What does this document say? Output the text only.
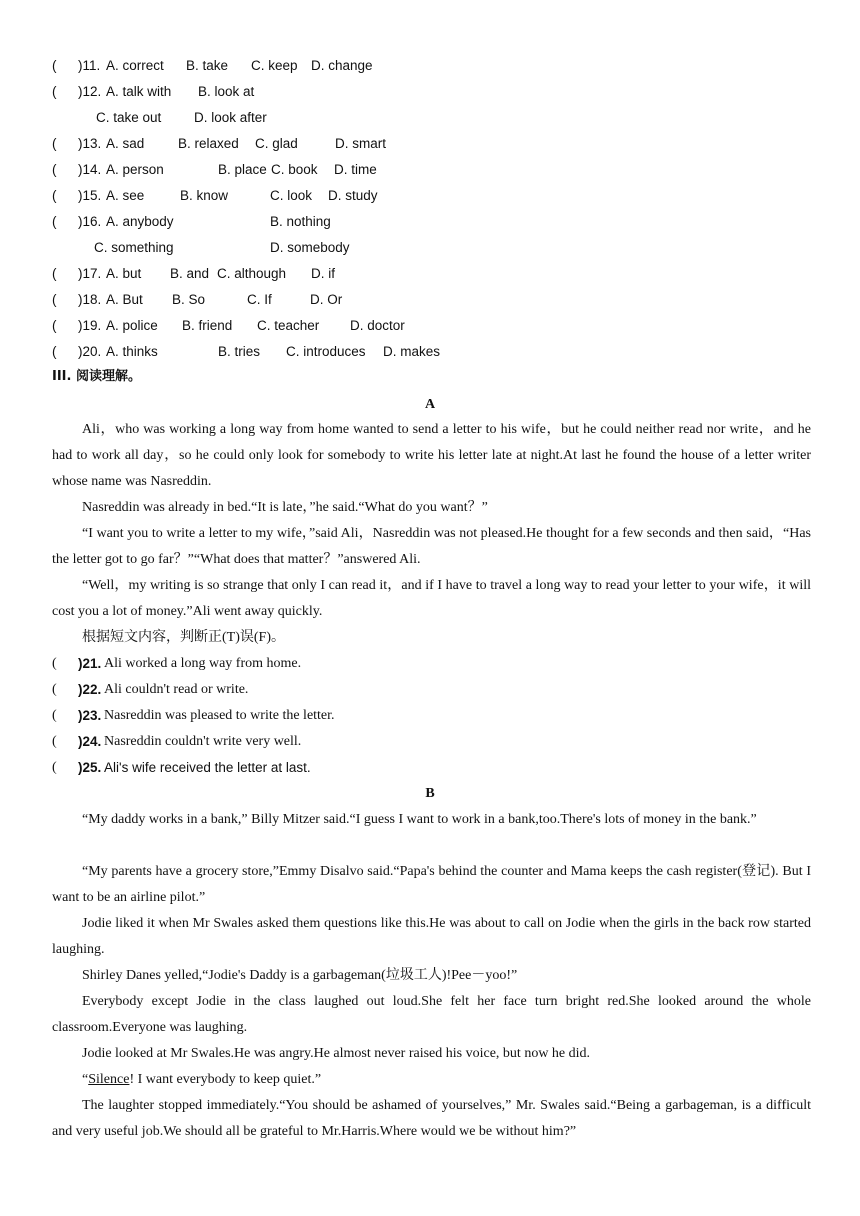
( )11. A. correct B. take C. keep D. change
( )12. A. talk with B. look at
C. take out D. look after
( )13. A. sad B. relaxed C. glad	D. smart
( )14. A. person	B. place C. book D. time
( )15. A. see	B. know	C. look D. study
( )16. A. anybody	B. nothing
C. something	D. somebody
( )17. A. but B. and C. although D. if
( )18. A. But B. So	C. If	D. Or
( )19. A. police B. friend C. teacher D. doctor
( )20. A. thinks	B. tries C. introduces D. makes
III. 阅读理解。
A

Ali，who was working a long way from home wanted to send a letter to his wife，but he could neither read nor write，and he had to work all day，so he could only look for somebody to write his letter late at night.At last he found the house of a letter writer whose name was Nasreddin.

Nasreddin was already in bed.“It is late，”he said.“What do you want？”

“I want you to write a letter to my wife，”said Ali，Nasreddin was not pleased.He thought for a few seconds and then said，“Has the letter got to go far？”“What does that matter？”answered Ali.

“Well，my writing is so strange that only I can read it，and if I have to travel a long way to read your letter to your wife，it will cost you a lot of money.”Ali went away quickly.

根据短文内容，判断正(T)误(F)。

( )21. Ali worked a long way from home.
( )22. Ali couldn't read or write.
( )23. Nasreddin was pleased to write the letter.
( )24. Nasreddin couldn't write very well.
( )25. Ali's wife received the letter at last.
B

“My daddy works in a bank,” Billy Mitzer said.“I guess I want to work in a bank,too.There's lots of money in the bank.”

“My parents have a grocery store,”Emmy Disalvo said.“Papa's behind the counter and Mama keeps the cash register(登记). But I want to be an airline pilot.”

Jodie liked it when Mr Swales asked them questions like this.He was about to call on Jodie when the girls in the back row started laughing.

Shirley Danes yelled,“Jodie's Daddy is a garbageman(垃圾工人)!Pee－yoo!”

Everybody except Jodie in the class laughed out loud.She felt her face turn bright red.She looked around the whole classroom.Everyone was laughing.

Jodie looked at Mr Swales.He was angry.He almost never raised his voice, but now he did.

“Silence! I want everybody to keep quiet.”

The laughter stopped immediately.“You should be ashamed of yourselves,” Mr. Swales said.“Being a garbageman, is a difficult and very useful job.We should all be grateful to Mr.Harris.Where would we be without him?”
